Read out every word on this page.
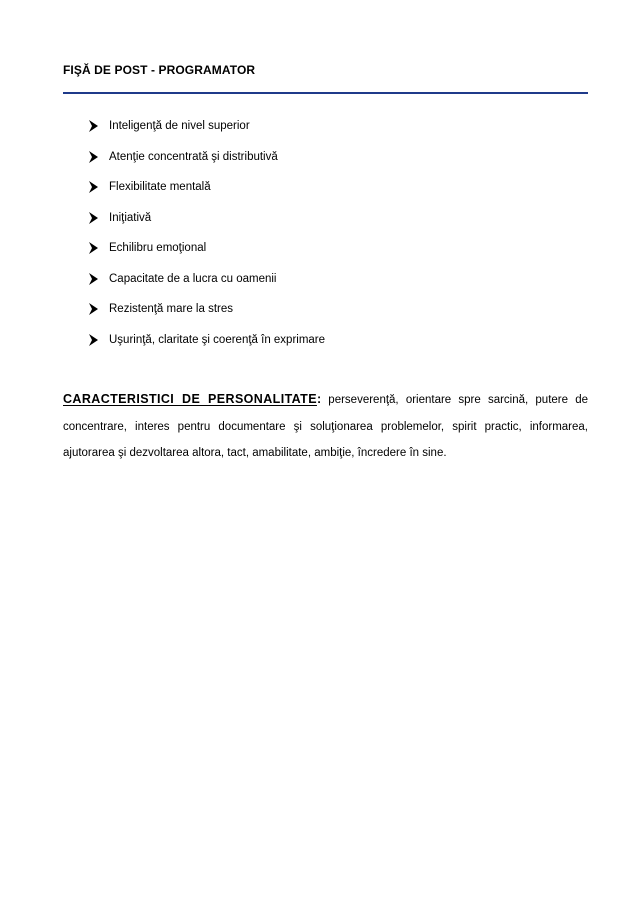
FIŞĂ DE POST - PROGRAMATOR
Inteligenţă de nivel superior
Atenţie concentrată şi distributivă
Flexibilitate mentală
Iniţiativă
Echilibru emoţional
Capacitate de a lucra cu oamenii
Rezistenţă mare la stres
Uşurinţă, claritate şi coerenţă în exprimare

CARACTERISTICI DE PERSONALITATE: perseverenţă, orientare spre sarcină, putere de concentrare, interes pentru documentare şi soluţionarea problemelor, spirit practic, informarea, ajutorarea şi dezvoltarea altora, tact, amabilitate, ambiţie, încredere în sine.
